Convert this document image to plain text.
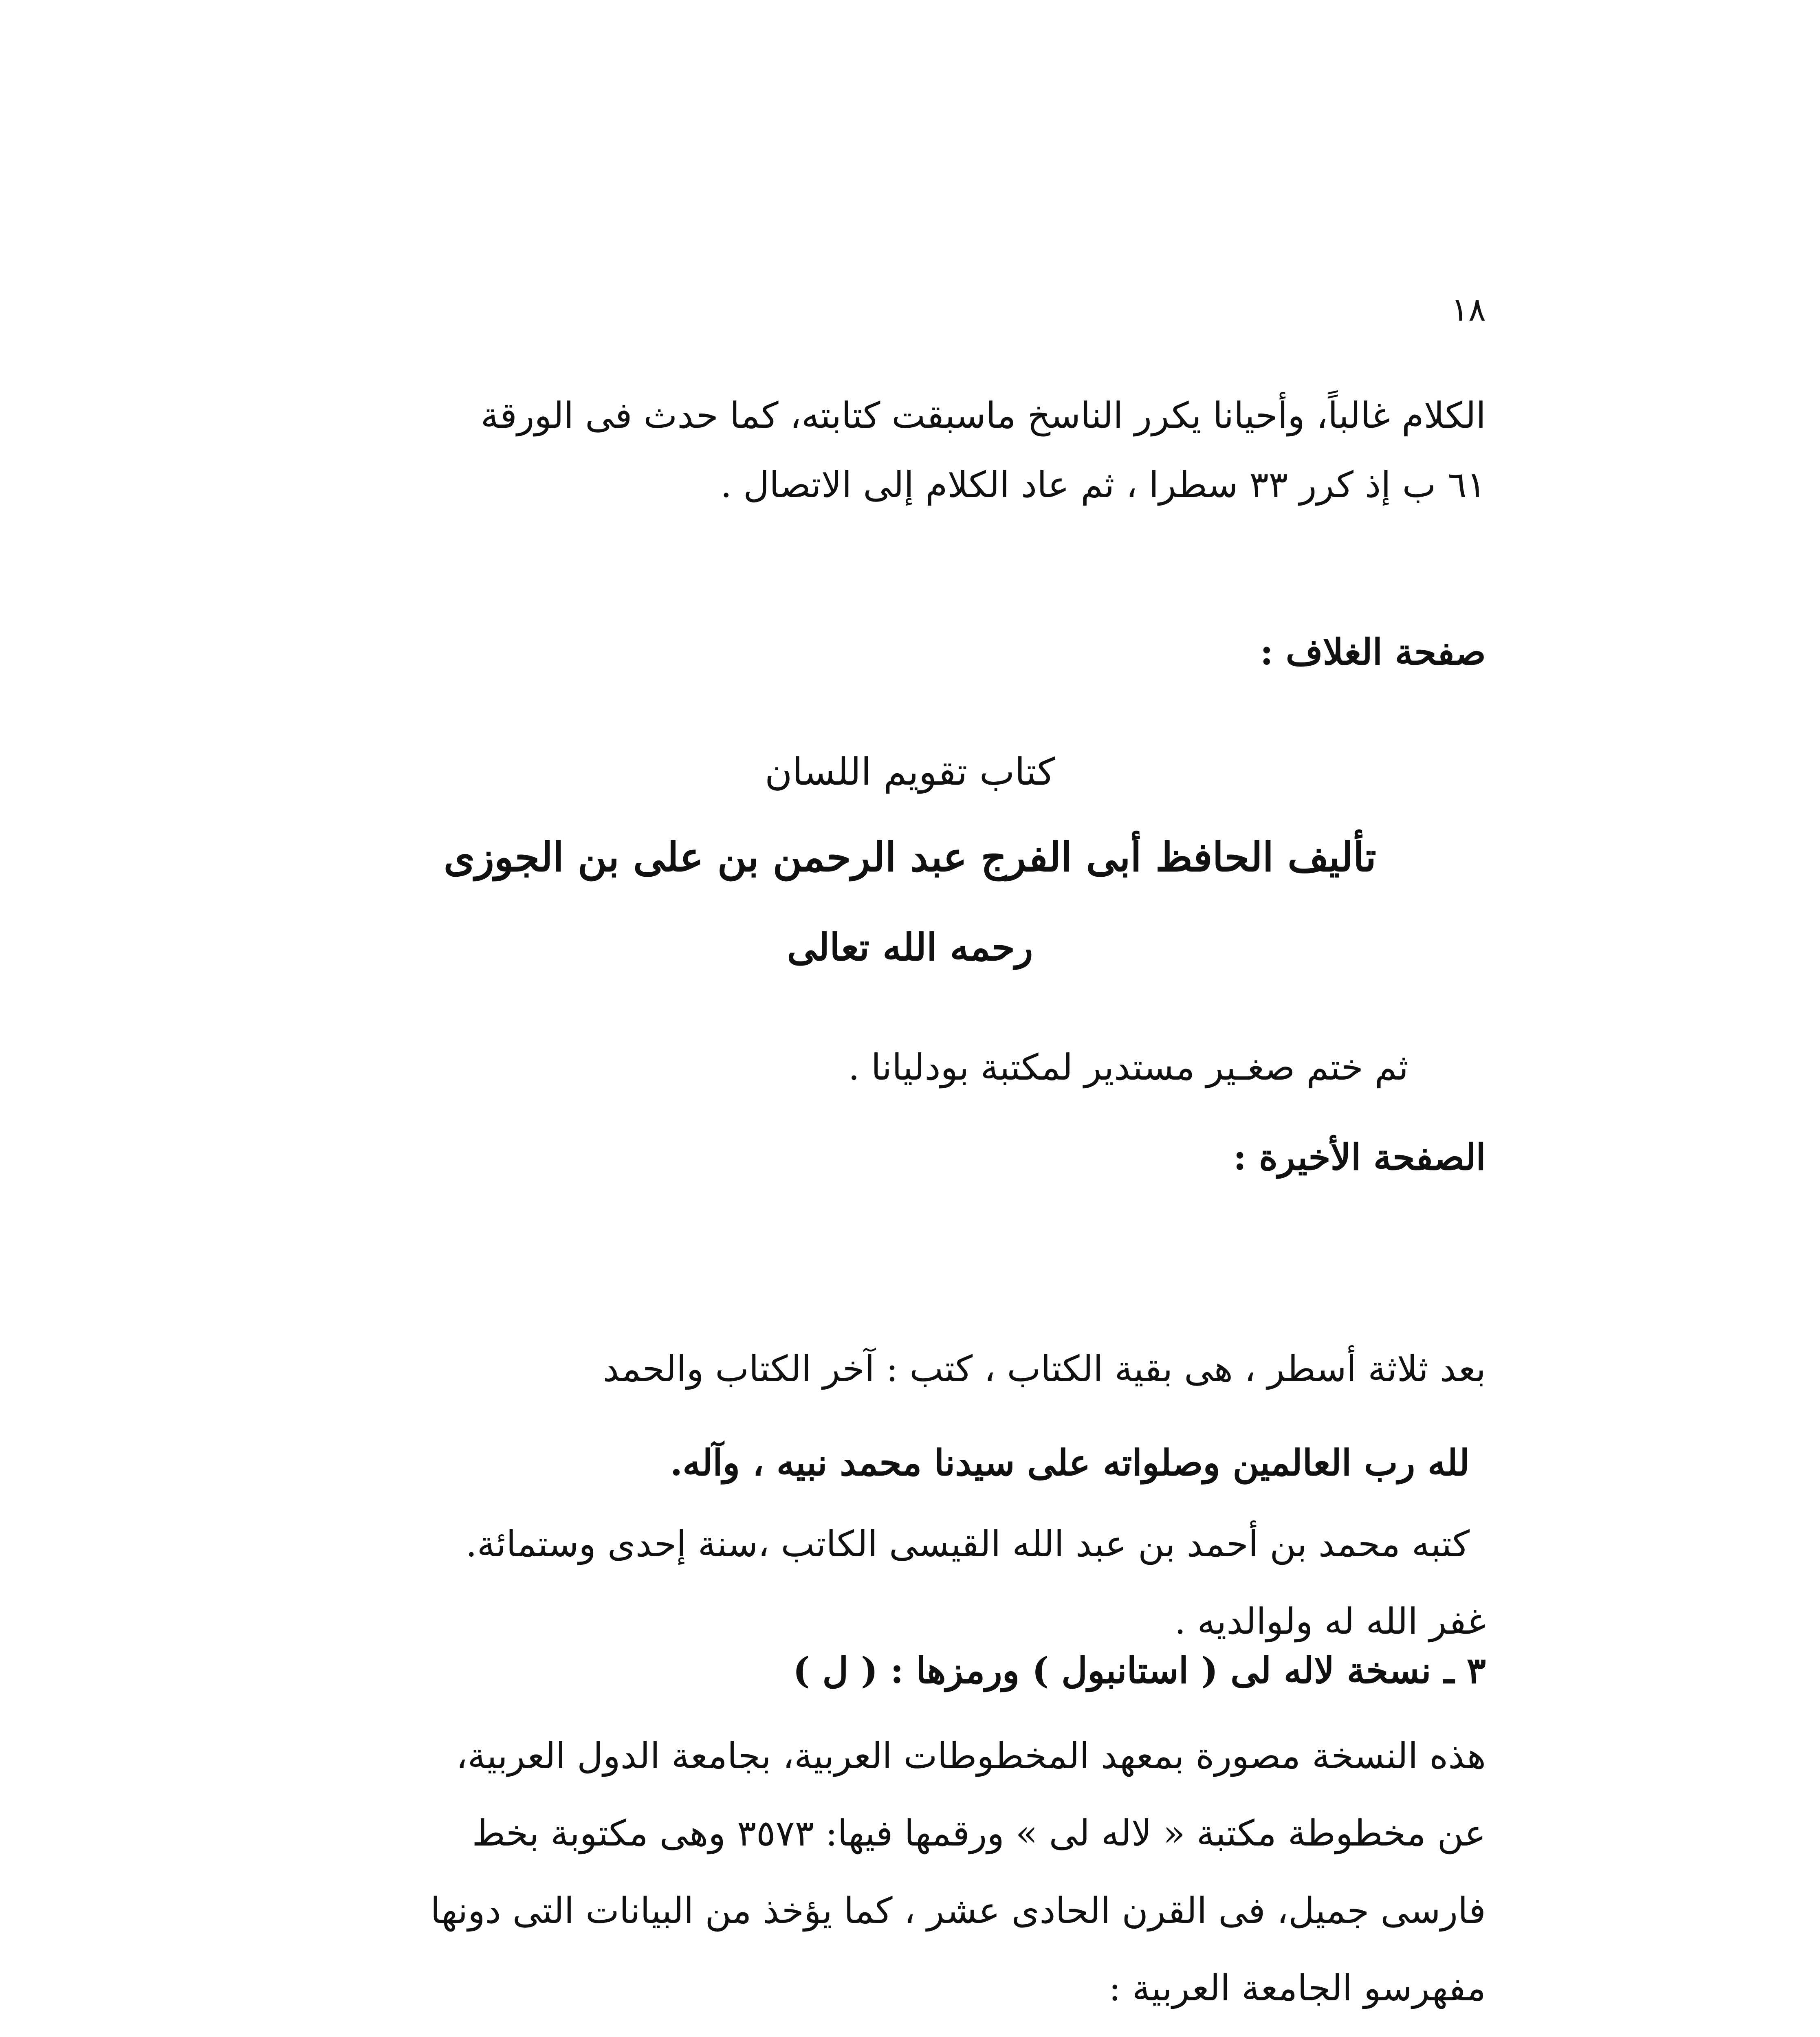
١٨
الكلام غالباً، وأحيانا يكرر الناسخ ماسبقت كتابته، كما حدث فى الورقة
٦١ ب إذ كرر ٣٣ سطرا ، ثم عاد الكلام إلى الاتصال .
صفحة الغلاف :
كتاب تقويم اللسان
تأليف الحافظ أبى الفرج عبد الرحمن بن على بن الجوزى
رحمه الله تعالى
ثم ختم صغـير مستدير لمكتبة بودليانا .
الصفحة الأخيرة :
بعد ثلاثة أسطر ، هى بقية الكتاب ، كتب : آخر الكتاب والحمد
لله رب العالمين وصلواته على سيدنا محمد نبيه ، وآله.
كتبه محمد بن أحمد بن عبد الله القيسى الكاتب ،سنة إحدى وستمائة.
غفر الله له ولوالديه .
٣ ـ نسخة لاله لى ( استانبول ) ورمزها : ( ل )
هذه النسخة مصورة بمعهد المخطوطات العربية، بجامعة الدول العربية،
عن مخطوطة مكتبة « لاله لى » ورقمها فيها: ٣٥٧٣ وهى مكتوبة بخط
فارسى جميل، فى القرن الحادى عشر ، كما يؤخذ من البيانات التى دونها
مفهرسو الجامعة العربية :
